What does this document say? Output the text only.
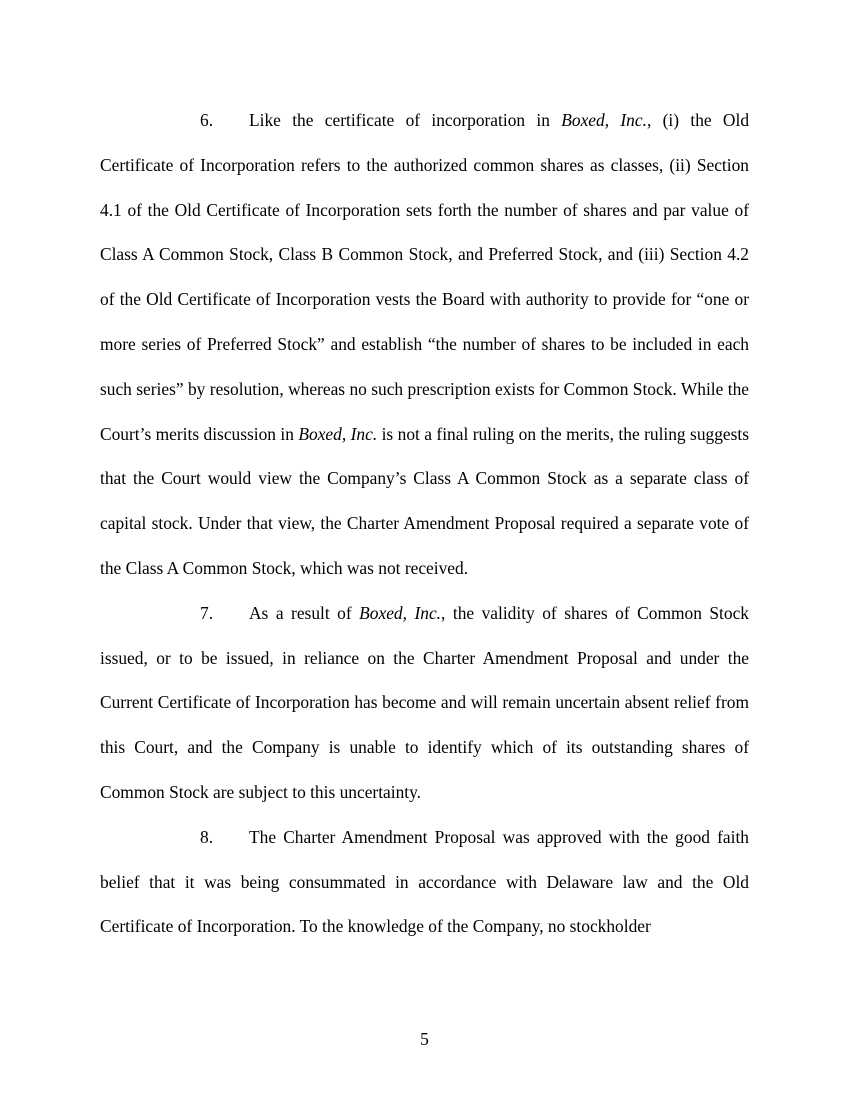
6. Like the certificate of incorporation in Boxed, Inc., (i) the Old Certificate of Incorporation refers to the authorized common shares as classes, (ii) Section 4.1 of the Old Certificate of Incorporation sets forth the number of shares and par value of Class A Common Stock, Class B Common Stock, and Preferred Stock, and (iii) Section 4.2 of the Old Certificate of Incorporation vests the Board with authority to provide for “one or more series of Preferred Stock” and establish “the number of shares to be included in each such series” by resolution, whereas no such prescription exists for Common Stock. While the Court’s merits discussion in Boxed, Inc. is not a final ruling on the merits, the ruling suggests that the Court would view the Company’s Class A Common Stock as a separate class of capital stock. Under that view, the Charter Amendment Proposal required a separate vote of the Class A Common Stock, which was not received.

7. As a result of Boxed, Inc., the validity of shares of Common Stock issued, or to be issued, in reliance on the Charter Amendment Proposal and under the Current Certificate of Incorporation has become and will remain uncertain absent relief from this Court, and the Company is unable to identify which of its outstanding shares of Common Stock are subject to this uncertainty.

8. The Charter Amendment Proposal was approved with the good faith belief that it was being consummated in accordance with Delaware law and the Old Certificate of Incorporation. To the knowledge of the Company, no stockholder

5
